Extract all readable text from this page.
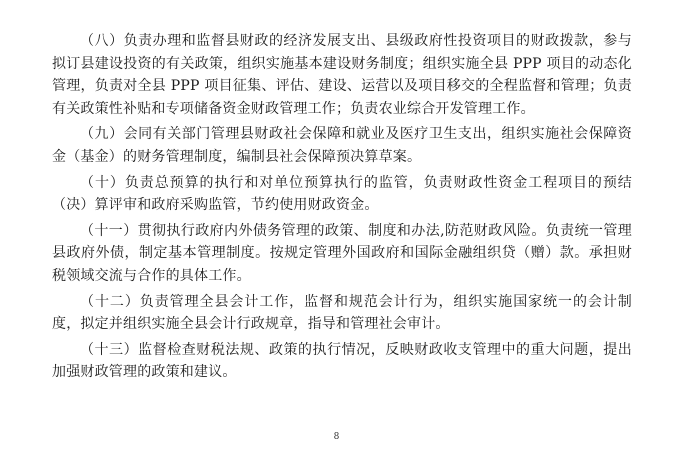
（八）负责办理和监督县财政的经济发展支出、县级政府性投资项目的财政拨款，参与拟订县建设投资的有关政策，组织实施基本建设财务制度；组织实施全县 PPP 项目的动态化管理，负责对全县 PPP 项目征集、评估、建设、运营以及项目移交的全程监督和管理；负责有关政策性补贴和专项储备资金财政管理工作；负责农业综合开发管理工作。

（九）会同有关部门管理县财政社会保障和就业及医疗卫生支出，组织实施社会保障资金（基金）的财务管理制度，编制县社会保障预决算草案。

（十）负责总预算的执行和对单位预算执行的监管，负责财政性资金工程项目的预结（决）算评审和政府采购监管，节约使用财政资金。

（十一）贯彻执行政府内外债务管理的政策、制度和办法,防范财政风险。负责统一管理县政府外债，制定基本管理制度。按规定管理外国政府和国际金融组织贷（赠）款。承担财税领域交流与合作的具体工作。

（十二）负责管理全县会计工作，监督和规范会计行为，组织实施国家统一的会计制度，拟定并组织实施全县会计行政规章，指导和管理社会审计。

（十三）监督检查财税法规、政策的执行情况，反映财政收支管理中的重大问题，提出加强财政管理的政策和建议。

8
